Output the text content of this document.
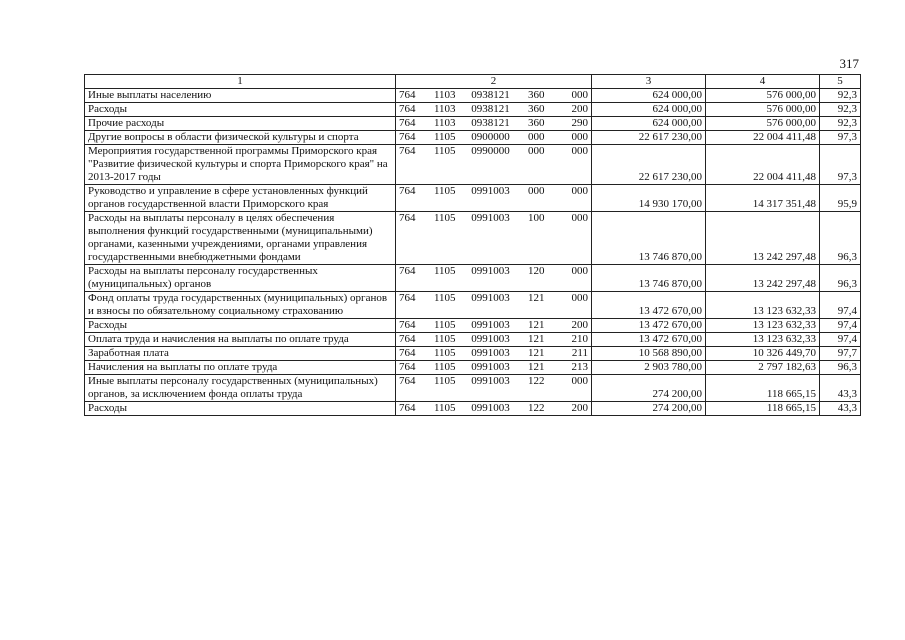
317
1	2	3	4	5
Иные выплаты населению	764 1103 0938121 360 000	624 000,00	576 000,00	92,3
Расходы	764 1103 0938121 360 200	624 000,00	576 000,00	92,3
Прочие расходы	764 1103 0938121 360 290	624 000,00	576 000,00	92,3
Другие вопросы в области физической культуры и спорта	764 1105 0900000 000 000	22 617 230,00	22 004 411,48	97,3
Мероприятия государственной программы Приморского края "Развитие физической культуры и спорта Приморского края" на 2013-2017 годы	764 1105 0990000 000 000	22 617 230,00	22 004 411,48	97,3
Руководство и управление в сфере установленных функций органов государственной власти Приморского края	764 1105 0991003 000 000	14 930 170,00	14 317 351,48	95,9
Расходы на выплаты персоналу в целях обеспечения выполнения функций государственными (муниципальными) органами, казенными учреждениями, органами управления государственными внебюджетными фондами	764 1105 0991003 100 000	13 746 870,00	13 242 297,48	96,3
Расходы на выплаты персоналу государственных (муниципальных) органов	764 1105 0991003 120 000	13 746 870,00	13 242 297,48	96,3
Фонд оплаты труда государственных (муниципальных) органов и взносы по обязательному социальному страхованию	764 1105 0991003 121 000	13 472 670,00	13 123 632,33	97,4
Расходы	764 1105 0991003 121 200	13 472 670,00	13 123 632,33	97,4
Оплата труда и начисления на выплаты по оплате труда	764 1105 0991003 121 210	13 472 670,00	13 123 632,33	97,4
Заработная плата	764 1105 0991003 121 211	10 568 890,00	10 326 449,70	97,7
Начисления на выплаты по оплате труда	764 1105 0991003 121 213	2 903 780,00	2 797 182,63	96,3
Иные выплаты персоналу государственных (муниципальных) органов, за исключением фонда оплаты труда	764 1105 0991003 122 000	274 200,00	118 665,15	43,3
Расходы	764 1105 0991003 122 200	274 200,00	118 665,15	43,3
